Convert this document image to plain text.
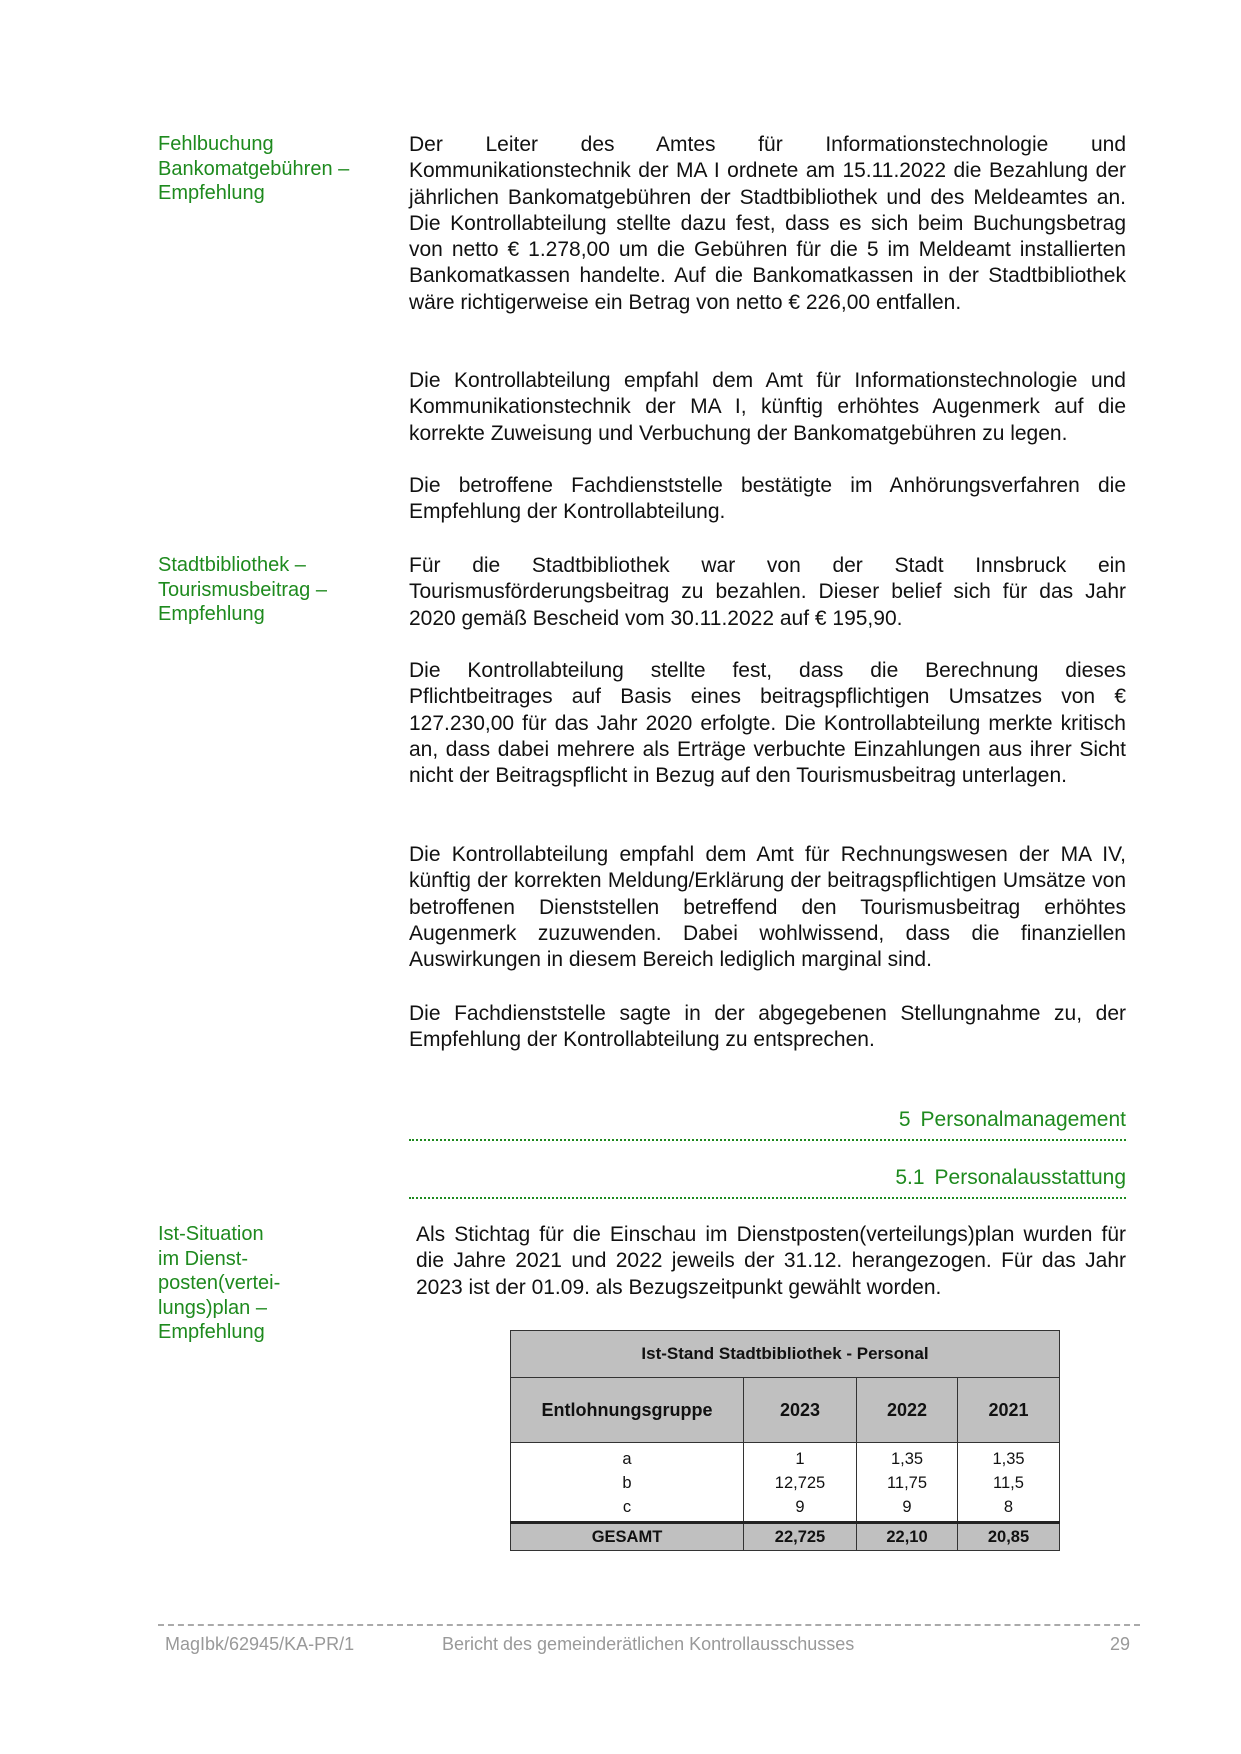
Fehlbuchung
Bankomatgebühren –
Empfehlung

Der Leiter des Amtes für Informationstechnologie und Kommunikationstechnik der MA I ordnete am 15.11.2022 die Bezahlung der jährlichen Bankomatgebühren der Stadtbibliothek und des Meldeamtes an. Die Kontrollabteilung stellte dazu fest, dass es sich beim Buchungsbetrag von netto € 1.278,00 um die Gebühren für die 5 im Meldeamt installierten Bankomatkassen handelte. Auf die Bankomatkassen in der Stadtbibliothek wäre richtigerweise ein Betrag von netto € 226,00 entfallen.

Die Kontrollabteilung empfahl dem Amt für Informationstechnologie und Kommunikationstechnik der MA I, künftig erhöhtes Augenmerk auf die korrekte Zuweisung und Verbuchung der Bankomatgebühren zu legen.

Die betroffene Fachdienststelle bestätigte im Anhörungsverfahren die Empfehlung der Kontrollabteilung.

Stadtbibliothek –
Tourismusbeitrag –
Empfehlung

Für die Stadtbibliothek war von der Stadt Innsbruck ein Tourismusförderungsbeitrag zu bezahlen. Dieser belief sich für das Jahr 2020 gemäß Bescheid vom 30.11.2022 auf € 195,90.

Die Kontrollabteilung stellte fest, dass die Berechnung dieses Pflichtbeitrages auf Basis eines beitragspflichtigen Umsatzes von € 127.230,00 für das Jahr 2020 erfolgte. Die Kontrollabteilung merkte kritisch an, dass dabei mehrere als Erträge verbuchte Einzahlungen aus ihrer Sicht nicht der Beitragspflicht in Bezug auf den Tourismusbeitrag unterlagen.

Die Kontrollabteilung empfahl dem Amt für Rechnungswesen der MA IV, künftig der korrekten Meldung/Erklärung der beitragspflichtigen Umsätze von betroffenen Dienststellen betreffend den Tourismusbeitrag erhöhtes Augenmerk zuzuwenden. Dabei wohlwissend, dass die finanziellen Auswirkungen in diesem Bereich lediglich marginal sind.

Die Fachdienststelle sagte in der abgegebenen Stellungnahme zu, der Empfehlung der Kontrollabteilung zu entsprechen.

5 Personalmanagement
5.1 Personalausstattung
Ist-Situation
im Dienst-
posten(vertei-
lungs)plan –
Empfehlung

Als Stichtag für die Einschau im Dienstposten(verteilungs)plan wurden für die Jahre 2021 und 2022 jeweils der 31.12. herangezogen. Für das Jahr 2023 ist der 01.09. als Bezugszeitpunkt gewählt worden.

Ist-Stand Stadtbibliothek - Personal			
Entlohnungsgruppe	2023	2022	2021
a	1	1,35	1,35
b	12,725	11,75	11,5
c	9	9	8
GESAMT	22,725	22,10	20,85
MagIbk/62945/KA-PR/1	Bericht des gemeinderätlichen Kontrollausschusses	29
